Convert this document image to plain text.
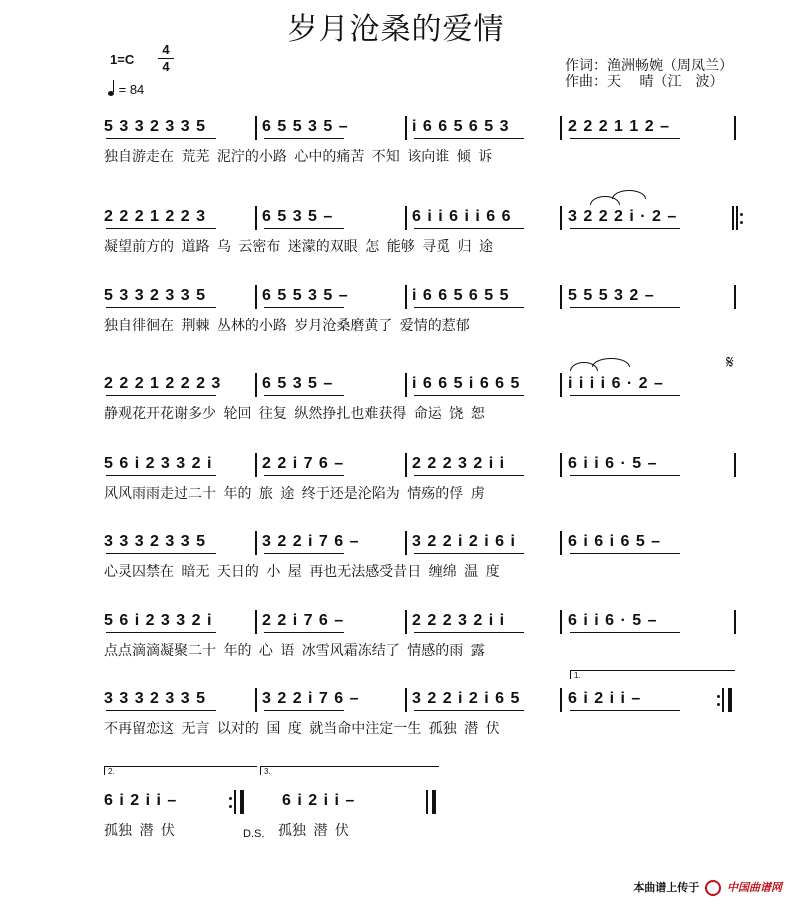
岁月沧桑的爱情
1=C
4
4
= 84
作词：渔洲畅婉（周凤兰）
作曲：天　 晴（江　波）
5 3 3 2 3 3 5	6 5 5 3 5 –	i 6 6 5 6 5 3	2 2 2 1 1 2 –
独自游走在 荒芜 泥泞的小路 心中的痛苦 不知 该向谁 倾 诉
2 2 2 1 2 2 3	6 5 3 5 –	6 i i 6 i i 6 6	3 2 2 2 i · 2 –
凝望前方的 道路 乌 云密布 迷濛的双眼 怎 能够 寻觅 归 途
5 3 3 2 3 3 5	6 5 5 3 5 –	i 6 6 5 6 5 5	5 5 5 3 2 –
独自徘徊在 荆棘 丛林的小路 岁月沧桑磨黄了 爱情的惹郁
2 2 2 1 2 2 2 3	6 5 3 5 –	i 6 6 5 i 6 6 5	i i i i 6 · 2 –
静观花开花谢多少 轮回 往复 纵然挣扎也难获得 命运 饶 恕
5 6 i 2 3 3 2 i	2 2 i 7 6 –	2 2 2 3 2 i i	6 i i 6 · 5 –
风风雨雨走过二十 年的 旅 途 终于还是沦陷为 情殇的俘 虏
3 3 3 2 3 3 5	3 2 2 i 7 6 –	3 2 2 i 2 i 6 i	6 i 6 i 6 5 –
心灵囚禁在 暗无 天日的 小 屋 再也无法感受昔日 缠绵 温 度
5 6 i 2 3 3 2 i	2 2 i 7 6 –	2 2 2 3 2 i i	6 i i 6 · 5 –
点点滴滴凝聚二十 年的 心 语 冰雪风霜冻结了 情感的雨 露
3 3 3 2 3 3 5	3 2 2 i 7 6 –	3 2 2 i 2 i 6 5	6 i 2 i i –
不再留恋这 无言 以对的 国 度 就当命中注定一生 孤独 潜 伏
𝄋
1.
2.	3.
6 i 2 i i –	6 i 2 i i –
孤独 潜 伏	孤独 潜 伏
D.S.
本曲谱上传于	中国曲谱网
